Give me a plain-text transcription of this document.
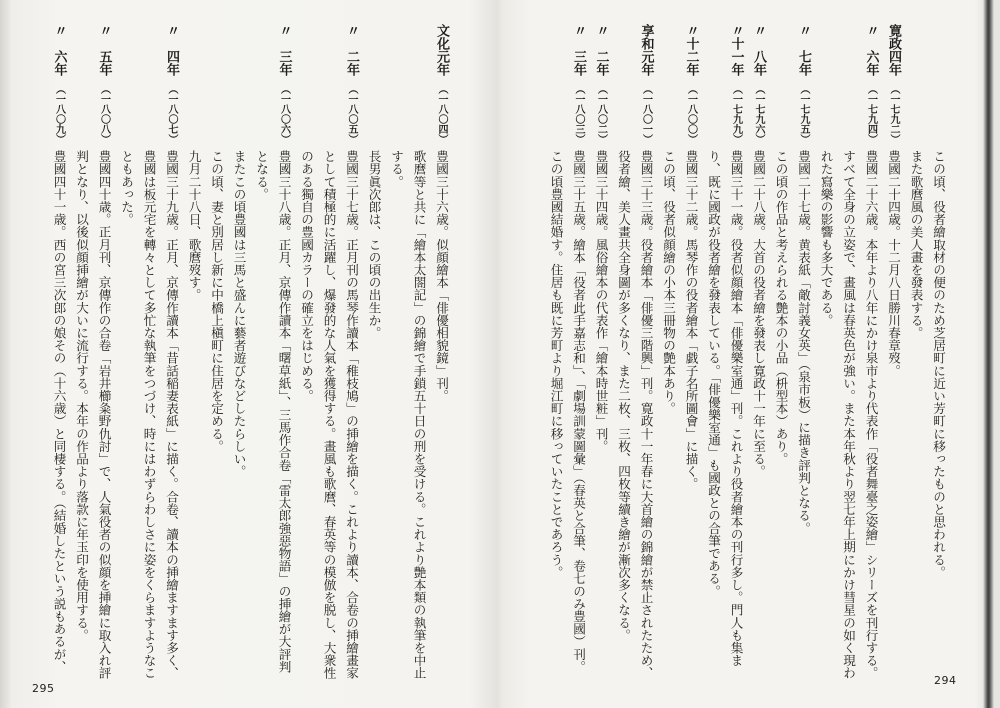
295
文化元年
（一八〇四）
豊國三十六歳。似顔繪本「俳優相貌鏡」刊。
歌麿等と共に「繪本太閤記」の錦繪で手鎖五十日の刑を受ける。これより艶本類の執筆を中止
する。
長男眞次郎は、この頃の出生か。
〃　二年
（一八〇五）
豊國三十七歳。正月刊の馬琴作讀本「稚枝鳩」の挿繪を描く。これより讀本、合卷の挿繪畫家
として積極的に活躍し、爆發的な人氣を獲得する。畫風も歌麿、春英等の模倣を脱し、大衆性
のある獨自の豊國カラーの確立をはじめる。
〃　三年
（一八〇六）
豊國三十八歳。正月、京傳作讀本「曙草紙」、三馬作合卷「雷太郎強惡物語」の挿繪が大評判
となる。
またこの頃豊國は三馬と盛んに藝者遊びなどしたらしい。
この頃、妻と別居し新に中橋上槇町に住居を定める。
九月二十八日、歌麿歿す。
〃　四年
（一八〇七）
豊國三十九歳。正月、京傳作讀本「昔話稲妻表紙」に描く。合卷、讀本の挿繪ますます多く、
豊國は板元宅を轉々として多忙な執筆をつづけ、時にはわずらわしさに姿をくらますようなこ
ともあった。
〃　五年
（一八〇八）
豊國四十歳。正月刊、京傳作の合卷「岩井櫛粂野仇討」で、人氣役者の似顔を挿繪に取入れ評
判となり、以後似顔挿繪が大いに流行する。本年の作品より落款に年玉印を使用する。
〃　六年
（一八〇九）
豊國四十一歳。西の宮三次郎の娘その（十六歳）と同棲する。（結婚したという説もあるが、
294
この頃、役者繪取材の便のため芝居町に近い芳町に移ったものと思われる。
また歌麿風の美人畫を發表する。
寛政四年
（一七九二）
豊國二十四歳。十二月八日勝川春章歿。
〃　六年
（一七九四）
豊國二十六歳。本年より八年にかけ泉市より代表作「役者舞臺之姿繪」シリーズを刊行する。
すべて全身の立姿で、畫風は春英色が強い。また本年秋より翌七年上期にかけ彗星の如く現わ
れた寫樂の影響も多大である。
〃　七年
（一七九五）
豊國二十七歳。黄表紙「敵討義女英」（泉市板）に描き評判となる。
この頃の作品と考えられる艶本の小品（枡型本）あり。
〃　八年
（一七九六）
豊國二十八歳。大首の役者繪を發表し寛政十一年に至る。
〃十一年
（一七九九）
豊國三十一歳。役者似顔繪本「俳優樂室通」刊。これより役者繪本の刊行多し。門人も集ま
り、既に國政が役者繪を發表している。「俳優樂室通」も國政との合筆である。
〃十二年
（一八〇〇）
豊國三十二歳。馬琴作の役者繪本「戯子名所圖會」に描く。
この頃、役者似顔繪の小本三冊物の艶本あり。
享和元年
（一八〇一）
豊國三十三歳。役者繪本「俳優三階興」刊。寛政十一年春に大首繪の錦繪が禁止されたため、
役者繪、美人畫共全身圖が多くなり、また二枚、三枚、四枚等續き繪が漸次多くなる。
〃　二年
（一八〇二）
豊國三十四歳。風俗繪本の代表作「繪本時世粧」刊。
〃　三年
（一八〇三）
豊國三十五歳。繪本「役者此手嘉志和」、「劇場訓蒙圖彙」（春英と合筆、卷七のみ豊國）刊。
この頃豊國結婚す。住居も既に芳町より堀江町に移っていたことであろう。
